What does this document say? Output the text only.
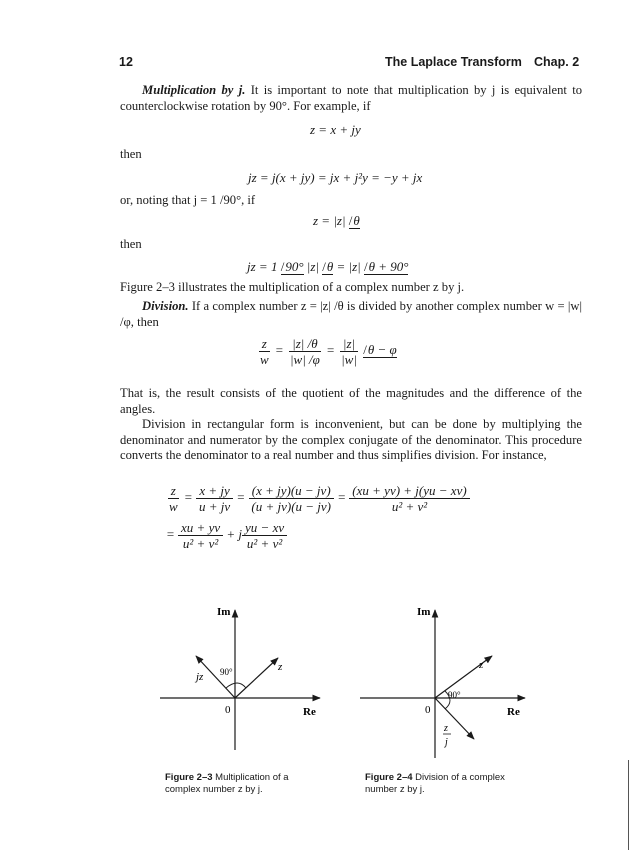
12	The Laplace Transform Chap. 2
Multiplication by j. It is important to note that multiplication by j is equivalent to counterclockwise rotation by 90°. For example, if
z = x + jy
then
jz = j(x + jy) = jx + j²y = −y + jx
or, noting that j = 1 /90°, if
z = |z| / θ
then
jz = 1 / 90° |z| / θ = |z| / θ + 90°
Figure 2–3 illustrates the multiplication of a complex number z by j.
Division. If a complex number z = |z| /θ is divided by another complex number w = |w| /φ, then
$\frac{z}{w} = \frac{|z| /\theta}{|w| /\varphi} = \frac{|z|}{|w|}$
/ θ − φ
That is, the result consists of the quotient of the magnitudes and the difference of the angles.
Division in rectangular form is inconvenient, but can be done by multiplying the denominator and numerator by the complex conjugate of the denominator. This procedure converts the denominator to a real number and thus simplifies division. For instance,
$\frac{z}{w} = \frac{x + jy}{u + jv} = \frac{(x + jy)(u - jv)}{(u + jv)(u - jv)} = \frac{(xu + yv) + j(yu - xv)}{\text{u² + v²}}$
= $\frac{xu + yv}{\text{u² + v²}} + j \frac{yu - xv}{\text{u² + v²}}$
Im
Re
0
z
jz 90°
Figure 2–3 Multiplication of a complex number z by j.
Im
Re
0
z
z
j
90°
Figure 2–4 Division of a complex number z by j.
